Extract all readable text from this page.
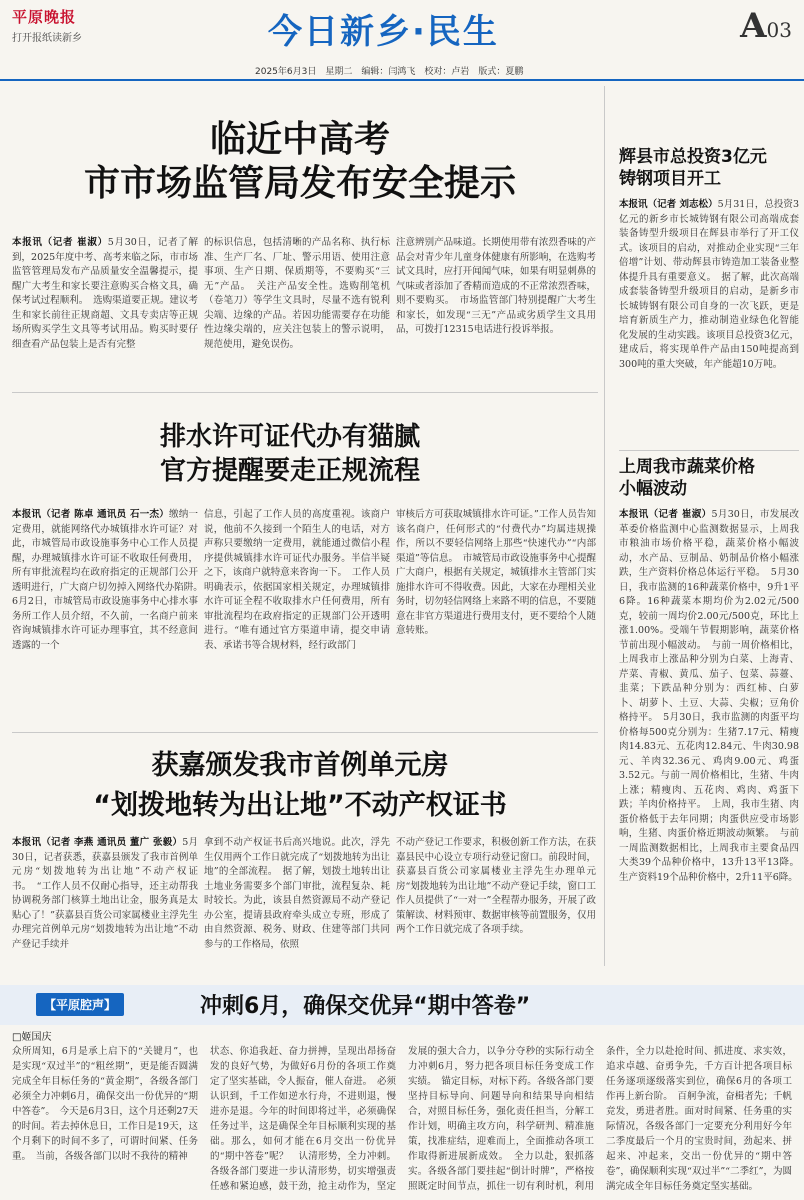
平原晚报
打开报纸读新乡	今日新乡·民生	A03
2025年6月3日　星期二　编辑：闫鸿飞　校对：卢岩　版式：夏鹏
临近中高考
市市场监管局发布安全提示
本报讯（记者 崔淑）5月30日，记者了解到，2025年度中考、高考来临之际，市市场监管管理局发布产品质量安全温馨提示，提醒广大考生和家长要注意购买合格文具，确保考试过程顺利。　选购渠道要正规。建议考生和家长前往正规商超、文具专卖店等正规场所购买学生文具等考试用品。购买时要仔细查看产品包装上是否有完整
的标识信息，包括清晰的产品名称、执行标准、生产厂名、厂址、警示用语、使用注意事项、生产日期、保质期等，不要购买“三无”产品。　关注产品安全性。选购削笔机（卷笔刀）等学生文具时，尽量不选有锐利尖端、边缘的产品。若因功能需要存在功能性边缘尖端的，应关注包装上的警示说明，规范使用，避免误伤。
注意辨别产品味道。长期使用带有浓烈香味的产品会对青少年儿童身体健康有所影响，在选购考试文具时，应打开闻闻气味，如果有明显刺鼻的气味或者添加了香精而造成的不正常浓烈香味，则不要购买。　市场监管部门特别提醒广大考生和家长，如发现“三无”产品或劣质学生文具用品，可拨打12315电话进行投诉举报。
排水许可证代办有猫腻
官方提醒要走正规流程
本报讯（记者 陈卓 通讯员 石一杰）缴纳一定费用，就能网络代办城镇排水许可证？对此，市城管局市政设施事务中心工作人员提醒，办理城镇排水许可证不收取任何费用，所有审批流程均在政府指定的正规部门公开透明进行，广大商户切勿掉入网络代办陷阱。　6月2日，市城管局市政设施事务中心排水事务所工作人员介绍，不久前，一名商户前来咨询城镇排水许可证办理事宜，其不经意间透露的一个
信息，引起了工作人员的高度重视。该商户说，他前不久接到一个陌生人的电话，对方声称只要缴纳一定费用，就能通过微信小程序提供城镇排水许可证代办服务。半信半疑之下，该商户就特意来咨询一下。　工作人员明确表示，依据国家相关规定，办理城镇排水许可证全程不收取排水户任何费用，所有审批流程均在政府指定的正规部门公开透明进行。“唯有通过官方渠道申请，提交申请表、承诺书等合规材料，经行政部门
审核后方可获取城镇排水许可证。”工作人员告知该名商户，任何形式的“付费代办”均属违规操作，所以不要轻信网络上那些“快速代办”“内部渠道”等信息。　市城管局市政设施事务中心提醒广大商户，根据有关规定，城镇排水主管部门实施排水许可不得收费。因此，大家在办理相关业务时，切勿轻信网络上来路不明的信息，不要随意在非官方渠道进行费用支付，更不要给个人随意转账。
获嘉颁发我市首例单元房
“划拨地转为出让地”不动产权证书
本报讯（记者 李燕 通讯员 董广 张毅）5月30日，记者获悉，获嘉县颁发了我市首例单元房“划拨地转为出让地”不动产权证书。　“工作人员不仅耐心指导，还主动帮我协调税务部门核算土地出让金，服务真是太贴心了！”获嘉县百货公司家属楼业主浮先生办理完首例单元房“划拨地转为出让地”不动产登记手续并
拿到不动产权证书后高兴地说。此次，浮先生仅用两个工作日就完成了“划拨地转为出让地”的全部流程。　据了解，划拨土地转出让土地业务需要多个部门审批，流程复杂、耗时较长。为此，该县自然资源局不动产登记办公室，提请县政府牵头成立专班，形成了由自然资源、税务、财政、住建等部门共同参与的工作格局，依照
不动产登记工作要求，积极创新工作方法，在获嘉县民中心设立专项行动登记窗口。前段时间，获嘉县百货公司家属楼业主浮先生办理单元房“划拨地转为出让地”不动产登记手续，窗口工作人员提供了“一对一”全程帮办服务，开展了政策解读、材料预审、数据审核等前置服务，仅用两个工作日就完成了各项手续。
辉县市总投资3亿元
铸钢项目开工
本报讯（记者 刘志松）5月31日，总投资3亿元的新乡市长城铸钢有限公司高端成套装备铸型升级项目在辉县市举行了开工仪式。该项目的启动，对推动企业实现“三年倍增”计划、带动辉县市铸造加工装备业整体提升具有重要意义。　据了解，此次高端成套装备铸型升级项目的启动，是新乡市长城铸钢有限公司自身的一次飞跃，更是培育新质生产力，推动制造业绿色化智能化发展的生动实践。该项目总投资3亿元，建成后，将实现单件产品由150吨提高到300吨的重大突破，年产能超10万吨。
上周我市蔬菜价格
小幅波动
本报讯（记者 崔淑）5月30日，市发展改革委价格监测中心监测数据显示，上周我市粮油市场价格平稳，蔬菜价格小幅波动，水产品、豆制品、奶制品价格小幅涨跌，生产资料价格总体运行平稳。　5月30日，我市监测的16种蔬菜价格中，9升1平6降。16种蔬菜本期均价为2.02元/500克，较前一周均价2.00元/500克，环比上涨1.00%。受端午节假期影响，蔬菜价格节前出现小幅波动。　与前一周价格相比，上周我市上涨品种分别为白菜、上海青、芹菜、青椒、黄瓜、茄子、包菜、蒜薹、韭菜；下跌品种分别为：西红柿、白萝卜、胡萝卜、土豆、大蒜、尖椒；豆角价格持平。　5月30日，我市监测的肉蛋平均价格每500克分别为：生猪7.17元、精瘦肉14.83元、五花肉12.84元、牛肉30.98元、羊肉32.36元、鸡肉9.00元、鸡蛋3.52元。与前一周价格相比，生猪、牛肉上涨；精瘦肉、五花肉、鸡肉、鸡蛋下跌；羊肉价格持平。　上周，我市生猪、肉蛋价格低于去年同期；肉蛋供应受市场影响，生猪、肉蛋价格近期波动频繁。　与前一周监测数据相比，上周我市主要食品四大类39个品种价格中，13升13平13降。生产资料19个品种价格中，2升11平6降。
【平原腔声】	冲刺6月，确保交优异“期中答卷”
□姬国庆
众所周知，6月是承上启下的“关键月”，也是实现“双过半”的“粗丝期”，更是能否圆满完成全年目标任务的“黄金期”，各级各部门必须全力冲刺6月，确保交出一份优异的“期中答卷”。　今天是6月3日，这个月还剩27天的时间。若去掉休息日，工作日是19天，这个月剩下的时间不多了，可谓时间紧、任务重。　当前，各级各部门以时不我待的精神
状态、你追我赶、奋力拼搏，呈现出昂扬奋发的良好气势，为做好6月份的各项工作奠定了坚实基础，令人振奋，催人奋进。　必须认识到，千工作如逆水行舟，不进则退，慢进亦是退。今年的时间即将过半，必须确保任务过半，这是确保全年目标顺利实现的基础。那么，如何才能在6月交出一份优异的“期中答卷”呢？　认清形势，全力冲刺。各级各部门要进一步认清形势，切实增强责任感和紧迫感，鼓干劲，抢主动作为，坚定
发展的强大合力，以争分夺秒的实际行动全力冲刺6月，努力把各项目标任务变成工作实绩。　锚定目标，对标下药。各级各部门要坚持目标导向、问题导向和结果导向相结合，对照目标任务，强化责任担当，分解工作计划，明确主攻方向，科学研判、精准施策，找准症结，迎难而上，全面推动各项工作取得新进展新成效。　全力以赴，狠抓落实。各级各部门要挂起“倒计时牌”，严格按照既定时间节点，抓住一切有利时机，利用
条件，全力以赴抢时间、抓进度、求实效，追求卓越、奋勇争先，千方百计把各项目标任务逐项逐级落实到位，确保6月的各项工作再上新台阶。　百舸争流，奋楫者先；千帆竞发，勇进者胜。面对时间紧、任务重的实际情况，各级各部门一定要充分利用好今年二季度最后一个月的宝贵时间，劲起来、拼起来、冲起来，交出一份优异的“期中答卷”，确保顺利实现“双过半”“二季红”，为圆满完成全年目标任务奠定坚实基础。
